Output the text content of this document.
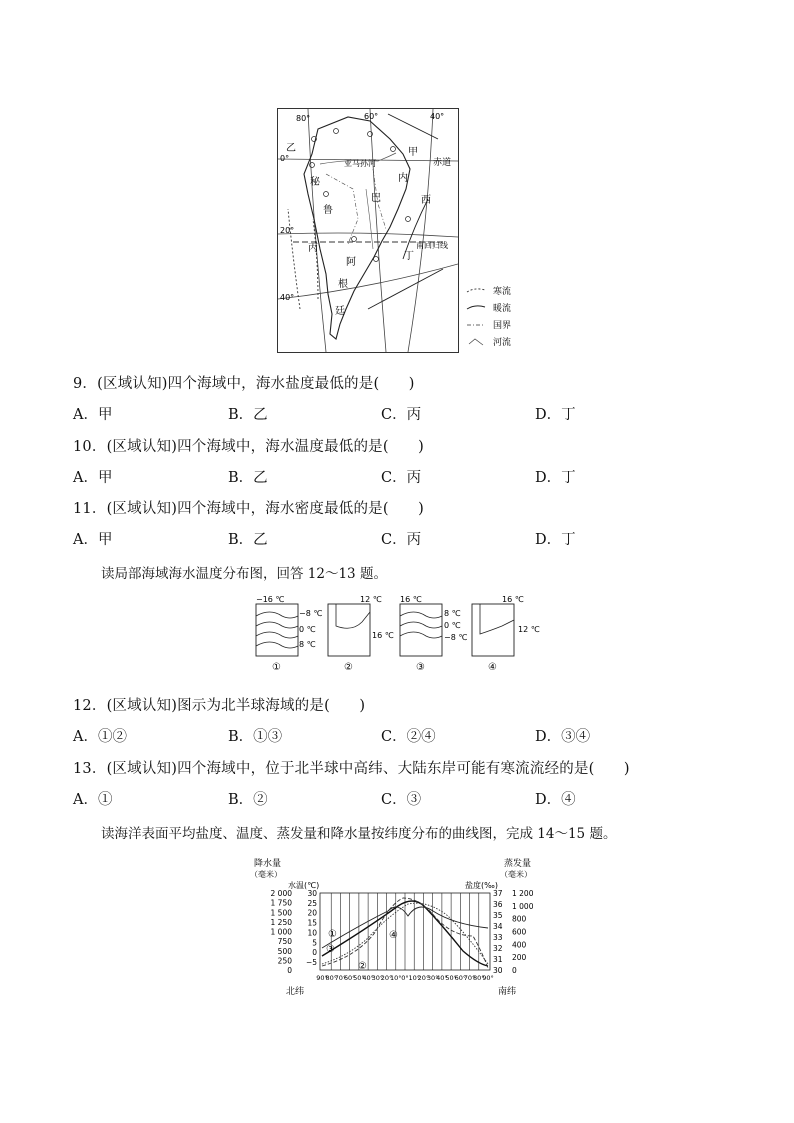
80°	60°	40°
0°
20°
40°
赤道
南回归线
亚马孙河
甲
乙
丙
丁
巴	西
内
秘
鲁
阿
根
廷
寒流
暖流
国界
河流
9．(区域认知)四个海域中，海水盐度最低的是(　　)
A．甲	B．乙	C．丙	D．丁
10．(区域认知)四个海域中，海水温度最低的是(　　)
A．甲	B．乙	C．丙	D．丁
11．(区域认知)四个海域中，海水密度最低的是(　　)
A．甲	B．乙	C．丙	D．丁
读局部海域海水温度分布图，回答 12～13 题。
−16 ℃
−8 ℃
0 ℃
8 ℃
①
12 ℃
16 ℃
②
16 ℃
8 ℃
0 ℃
−8 ℃
③
16 ℃
12 ℃
④
12．(区域认知)图示为北半球海域的是(　　)
A．①②	B．①③	C．②④	D．③④
13．(区域认知)四个海域中，位于北半球中高纬、大陆东岸可能有寒流流经的是(　　)
A．①	B．②	C．③	D．④
读海洋表面平均盐度、温度、蒸发量和降水量按纬度分布的曲线图，完成 14～15 题。
降水量
（毫米）
蒸发量
（毫米）
水温(℃)	盐度(‰)
2 000
1 750
1 500
1 250
1 000
750
500
250
0
30
25
20
15
10
5
0
−5
37
36
35
34
33
32
31
30
1 200
1 000
800
600
400
200
0
90°
80°
70°
60°
50°
40°
30°
20°
10° 0° 10°
20°
30°
40°
50°
60°
70°
80°
90°
①
②
③
④
北纬	南纬
